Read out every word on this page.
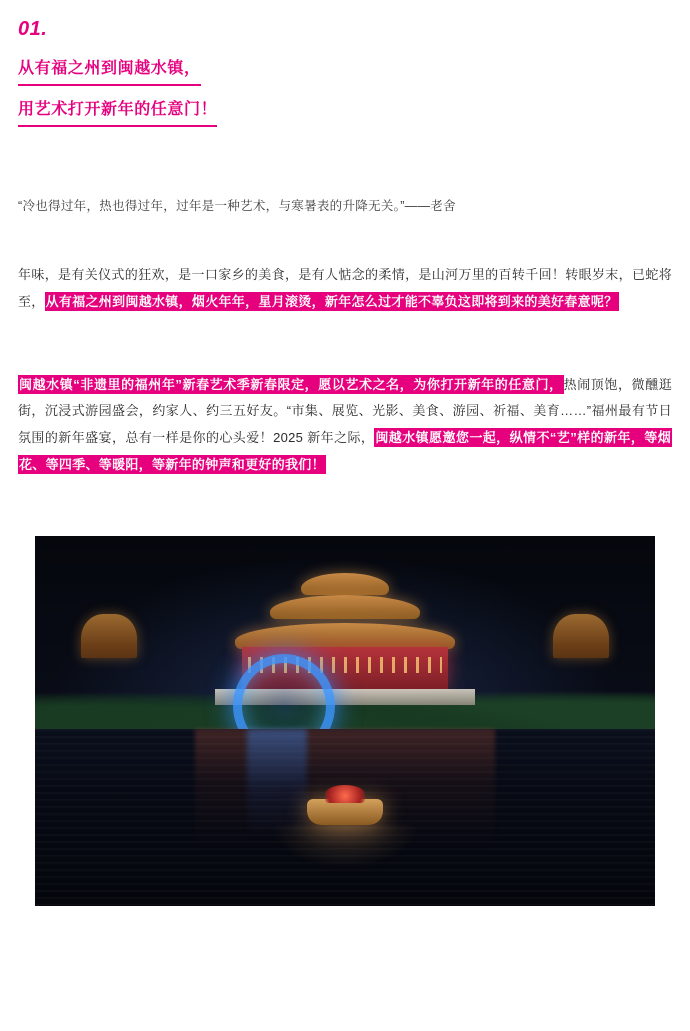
01.
从有福之州到闽越水镇，
用艺术打开新年的任意门！
“冷也得过年，热也得过年，过年是一种艺术，与寒暑表的升降无关。”——老舍
年味，是有关仪式的狂欢，是一口家乡的美食，是有人惦念的柔情，是山河万里的百转千回！转眼岁末，已蛇将至，从有福之州到闽越水镇，烟火年年，星月滚烫，新年怎么过才能不辜负这即将到来的美好春意呢？
闽越水镇“非遗里的福州年”新春艺术季新春限定，愿以艺术之名，为你打开新年的任意门，热闹顶饱，微醺逛街，沉浸式游园盛会，约家人、约三五好友。“市集、展览、光影、美食、游园、祈福、美育……”福州最有节日氛围的新年盛宴，总有一样是你的心头爱！2025 新年之际，闽越水镇愿邀您一起，纵情不“艺”样的新年，等烟花、等四季、等暖阳，等新年的钟声和更好的我们！
